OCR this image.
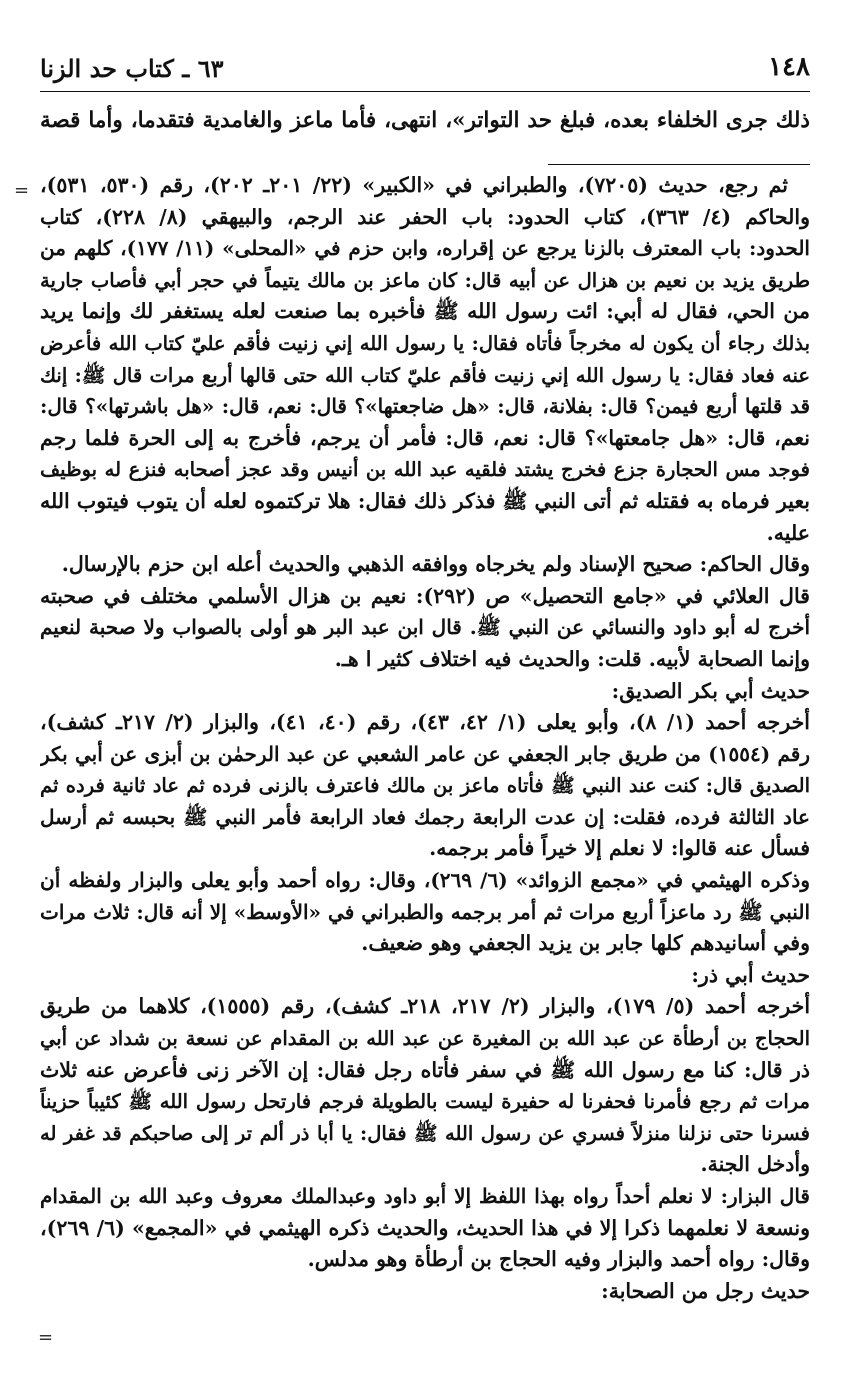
١٤٨
٦٣ ـ كتاب حد الزنا
ذلك جرى الخلفاء بعده، فبلغ حد التواتر»، انتهى، فأما ماعز والغامدية فتقدما، وأما قصة
=
=
ثم رجع، حديث (٧٢٠٥)، والطبراني في «الكبير» (٢٢/ ٢٠١ـ ٢٠٢)، رقم (٥٣٠، ٥٣١)،
والحاكم (٤/ ٣٦٣)، كتاب الحدود: باب الحفر عند الرجم، والبيهقي (٨/ ٢٢٨)، كتاب
الحدود: باب المعترف بالزنا يرجع عن إقراره، وابن حزم في «المحلى» (١١/ ١٧٧)، كلهم من
طريق يزيد بن نعيم بن هزال عن أبيه قال: كان ماعز بن مالك يتيماً في حجر أبي فأصاب جارية
من الحي، فقال له أبي: ائت رسول الله ﷺ فأخبره بما صنعت لعله يستغفر لك وإنما يريد
بذلك رجاء أن يكون له مخرجاً فأتاه فقال: يا رسول الله إني زنيت فأقم عليّ كتاب الله فأعرض
عنه فعاد فقال: يا رسول الله إني زنيت فأقم عليّ كتاب الله حتى قالها أربع مرات قال ﷺ: إنك
قد قلتها أربع فيمن؟ قال: بفلانة، قال: «هل ضاجعتها»؟ قال: نعم، قال: «هل باشرتها»؟ قال:
نعم، قال: «هل جامعتها»؟ قال: نعم، قال: فأمر أن يرجم، فأخرج به إلى الحرة فلما رجم
فوجد مس الحجارة جزع فخرج يشتد فلقيه عبد الله بن أنيس وقد عجز أصحابه فنزع له بوظيف
بعير فرماه به فقتله ثم أتى النبي ﷺ فذكر ذلك فقال: هلا تركتموه لعله أن يتوب فيتوب الله
عليه.
وقال الحاكم: صحيح الإسناد ولم يخرجاه ووافقه الذهبي والحديث أعله ابن حزم بالإرسال.
قال العلائي في «جامع التحصيل» ص (٢٩٢): نعيم بن هزال الأسلمي مختلف في صحبته
أخرج له أبو داود والنسائي عن النبي ﷺ. قال ابن عبد البر هو أولى بالصواب ولا صحبة لنعيم
وإنما الصحابة لأبيه. قلت: والحديث فيه اختلاف كثير ا هـ.
حديث أبي بكر الصديق:
أخرجه أحمد (١/ ٨)، وأبو يعلى (١/ ٤٢، ٤٣)، رقم (٤٠، ٤١)، والبزار (٢/ ٢١٧ـ كشف)،
رقم (١٥٥٤) من طريق جابر الجعفي عن عامر الشعبي عن عبد الرحمٰن بن أبزى عن أبي بكر
الصديق قال: كنت عند النبي ﷺ فأتاه ماعز بن مالك فاعترف بالزنى فرده ثم عاد ثانية فرده ثم
عاد الثالثة فرده، فقلت: إن عدت الرابعة رجمك فعاد الرابعة فأمر النبي ﷺ بحبسه ثم أرسل
فسأل عنه قالوا: لا نعلم إلا خيراً فأمر برجمه.
وذكره الهيثمي في «مجمع الزوائد» (٦/ ٢٦٩)، وقال: رواه أحمد وأبو يعلى والبزار ولفظه أن
النبي ﷺ رد ماعزاً أربع مرات ثم أمر برجمه والطبراني في «الأوسط» إلا أنه قال: ثلاث مرات
وفي أسانيدهم كلها جابر بن يزيد الجعفي وهو ضعيف.
حديث أبي ذر:
أخرجه أحمد (٥/ ١٧٩)، والبزار (٢/ ٢١٧، ٢١٨ـ كشف)، رقم (١٥٥٥)، كلاهما من طريق
الحجاج بن أرطأة عن عبد الله بن المغيرة عن عبد الله بن المقدام عن نسعة بن شداد عن أبي
ذر قال: كنا مع رسول الله ﷺ في سفر فأتاه رجل فقال: إن الآخر زنى فأعرض عنه ثلاث
مرات ثم رجع فأمرنا فحفرنا له حفيرة ليست بالطويلة فرجم فارتحل رسول الله ﷺ كئيباً حزيناً
فسرنا حتى نزلنا منزلاً فسري عن رسول الله ﷺ فقال: يا أبا ذر ألم تر إلى صاحبكم قد غفر له
وأدخل الجنة.
قال البزار: لا نعلم أحداً رواه بهذا اللفظ إلا أبو داود وعبدالملك معروف وعبد الله بن المقدام
ونسعة لا نعلمهما ذكرا إلا في هذا الحديث، والحديث ذكره الهيثمي في «المجمع» (٦/ ٢٦٩)،
وقال: رواه أحمد والبزار وفيه الحجاج بن أرطأة وهو مدلس.
حديث رجل من الصحابة:
